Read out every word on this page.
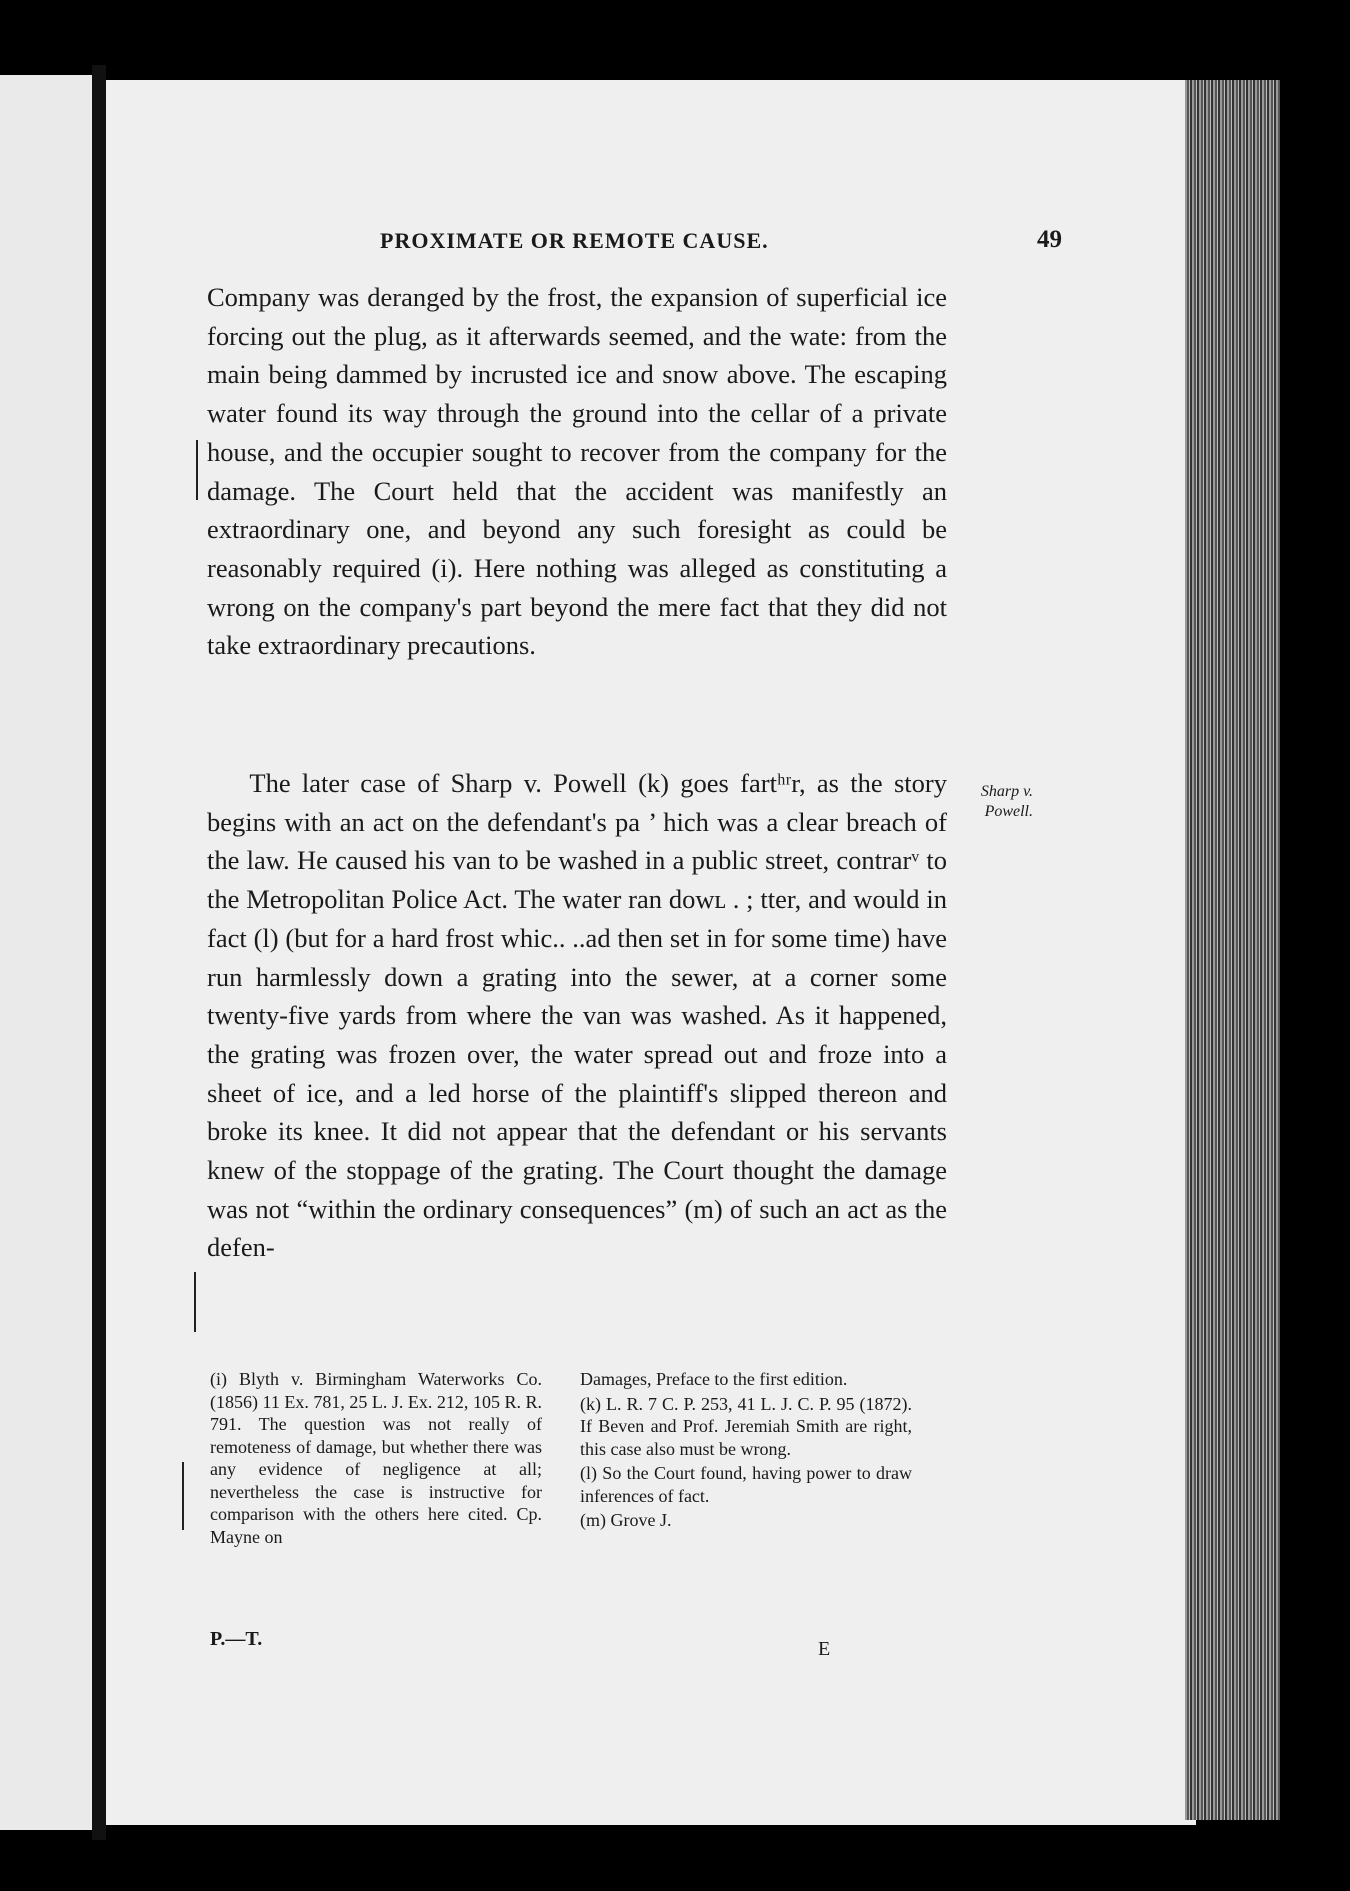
PROXIMATE OR REMOTE CAUSE.	49

Company was deranged by the frost, the expansion of superficial ice forcing out the plug, as it afterwards seemed, and the wate: from the main being dammed by incrusted ice and snow above. The escaping water found its way through the ground into the cellar of a private house, and the occupier sought to recover from the company for the damage. The Court held that the accident was manifestly an extraordinary one, and beyond any such foresight as could be reasonably required (i). Here nothing was alleged as constituting a wrong on the company's part beyond the mere fact that they did not take extraordinary precautions.

The later case of Sharp v. Powell (k) goes fartʰʳr, as the story begins with an act on the defendant's pa ’ hich was a clear breach of the law. He caused his van to be washed in a public street, contrarᵛ to the Metropolitan Police Act. The water ran dowʟ . ; tter, and would in fact (l) (but for a hard frost whic.. ..ad then set in for some time) have run harmlessly down a grating into the sewer, at a corner some twenty-five yards from where the van was washed. As it happened, the grating was frozen over, the water spread out and froze into a sheet of ice, and a led horse of the plaintiff's slipped thereon and broke its knee. It did not appear that the defendant or his servants knew of the stoppage of the grating. The Court thought the damage was not “within the ordinary consequences” (m) of such an act as the defen-

Sharp v.
Powell.

(i) Blyth v. Birmingham Waterworks Co. (1856) 11 Ex. 781, 25 L. J. Ex. 212, 105 R. R. 791. The question was not really of remoteness of damage, but whether there was any evidence of negligence at all; nevertheless the case is instructive for comparison with the others here cited. Cp. Mayne on

Damages, Preface to the first edition.

(k) L. R. 7 C. P. 253, 41 L. J. C. P. 95 (1872). If Beven and Prof. Jeremiah Smith are right, this case also must be wrong.

(l) So the Court found, having power to draw inferences of fact.

(m) Grove J.

P.—T.	E
